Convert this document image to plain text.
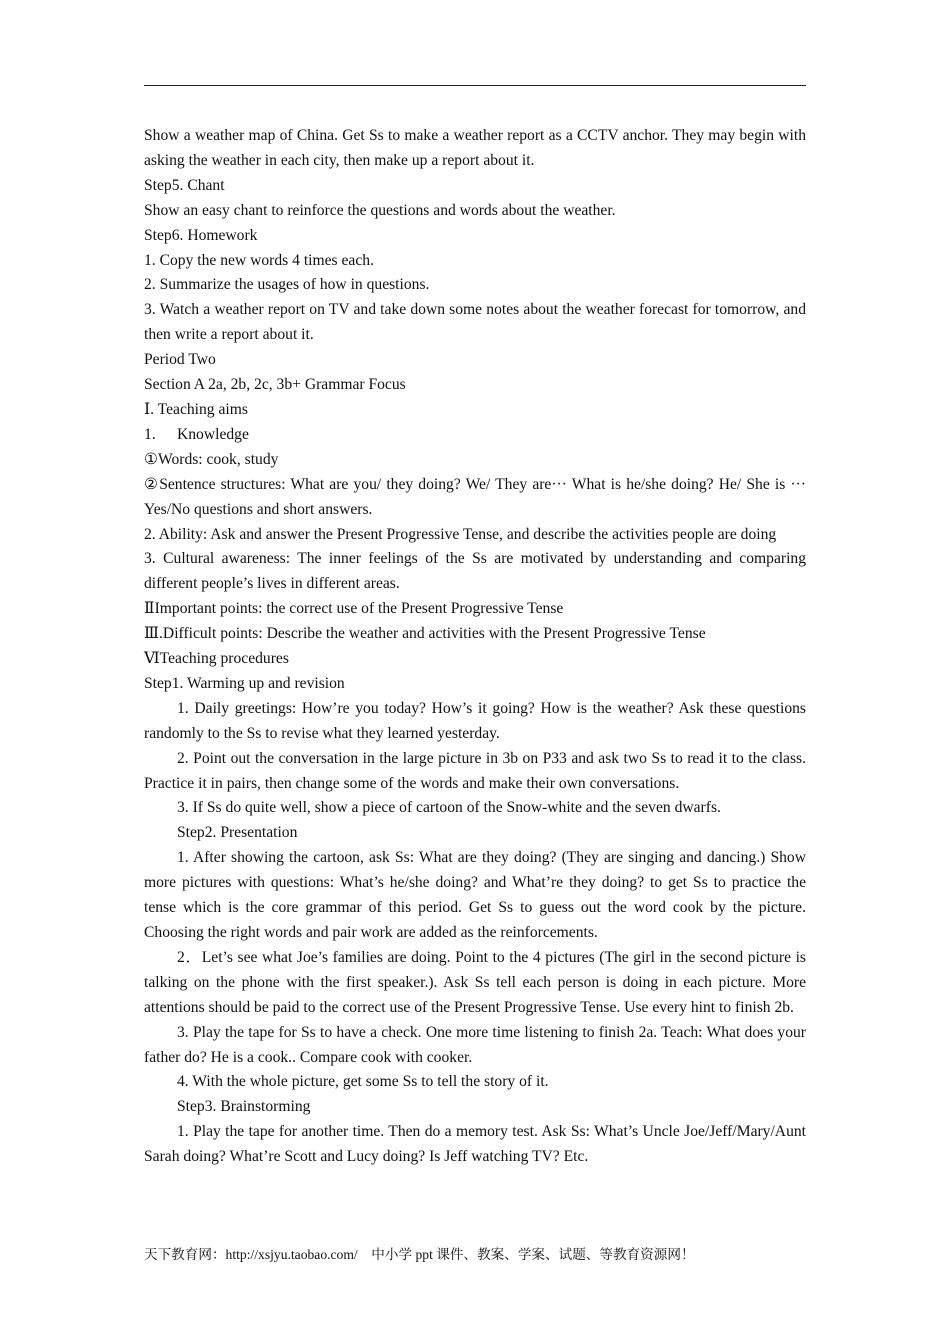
Show a weather map of China. Get Ss to make a weather report as a CCTV anchor. They may begin with asking the weather in each city, then make up a report about it.

Step5. Chant

Show an easy chant to reinforce the questions and words about the weather.

Step6. Homework

1. Copy the new words 4 times each.

2. Summarize the usages of how in questions.

3. Watch a weather report on TV and take down some notes about the weather forecast for tomorrow, and then write a report about it.

Period Two

Section A 2a, 2b, 2c, 3b+ Grammar Focus

Ⅰ. Teaching aims

1. Knowledge

①Words: cook, study

②Sentence structures: What are you/ they doing? We/ They are··· What is he/she doing? He/ She is ··· Yes/No questions and short answers.

2. Ability: Ask and answer the Present Progressive Tense, and describe the activities people are doing

3. Cultural awareness: The inner feelings of the Ss are motivated by understanding and comparing different people’s lives in different areas.

ⅡImportant points: the correct use of the Present Progressive Tense

Ⅲ.Difficult points: Describe the weather and activities with the Present Progressive Tense

ⅥTeaching procedures

Step1. Warming up and revision

1. Daily greetings: How’re you today? How’s it going? How is the weather? Ask these questions randomly to the Ss to revise what they learned yesterday.

2. Point out the conversation in the large picture in 3b on P33 and ask two Ss to read it to the class. Practice it in pairs, then change some of the words and make their own conversations.

3. If Ss do quite well, show a piece of cartoon of the Snow-white and the seven dwarfs.

Step2. Presentation

1. After showing the cartoon, ask Ss: What are they doing? (They are singing and dancing.) Show more pictures with questions: What’s he/she doing? and What’re they doing? to get Ss to practice the tense which is the core grammar of this period. Get Ss to guess out the word cook by the picture. Choosing the right words and pair work are added as the reinforcements.

2．Let’s see what Joe’s families are doing. Point to the 4 pictures (The girl in the second picture is talking on the phone with the first speaker.). Ask Ss tell each person is doing in each picture. More attentions should be paid to the correct use of the Present Progressive Tense. Use every hint to finish 2b.

3. Play the tape for Ss to have a check. One more time listening to finish 2a. Teach: What does your father do? He is a cook.. Compare cook with cooker.

4. With the whole picture, get some Ss to tell the story of it.

Step3. Brainstorming

1. Play the tape for another time. Then do a memory test. Ask Ss: What’s Uncle Joe/Jeff/Mary/Aunt Sarah doing? What’re Scott and Lucy doing? Is Jeff watching TV? Etc.

天下教育网：http://xsjyu.taobao.com/　中小学 ppt 课件、教案、学案、试题、等教育资源网！
